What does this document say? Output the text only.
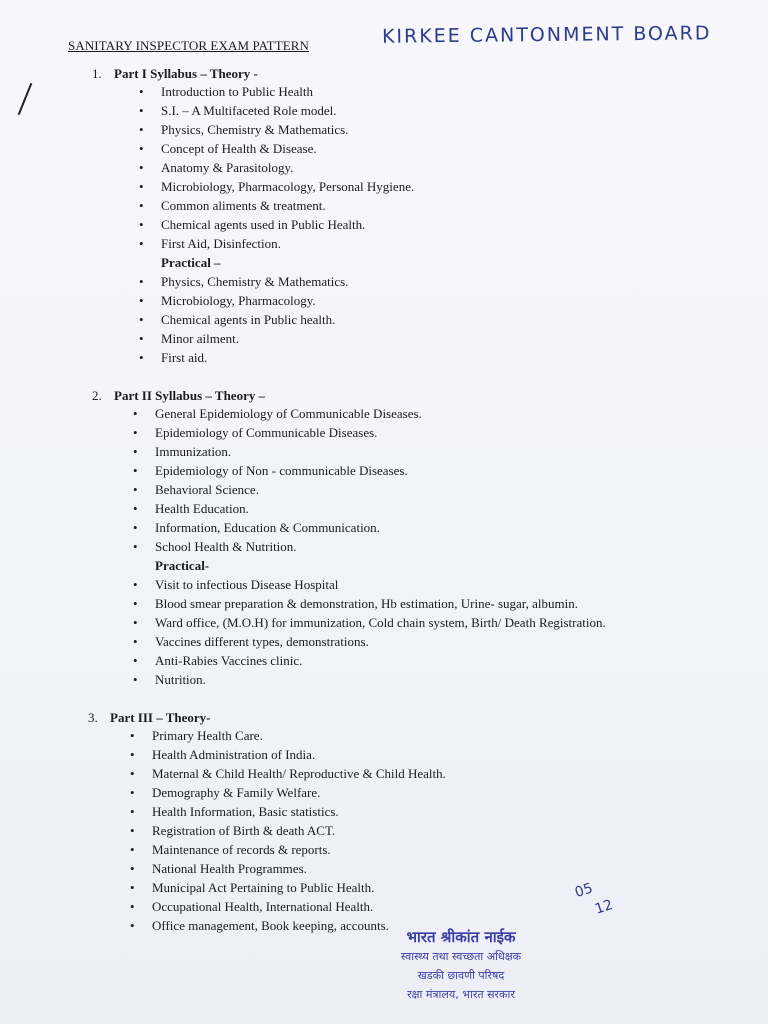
SANITARY INSPECTOR EXAM PATTERN	KIRKEE CANTONMENT BOARD
1. Part I Syllabus – Theory -
• Introduction to Public Health
• S.I. – A Multifaceted Role model.
• Physics, Chemistry & Mathematics.
• Concept of Health & Disease.
• Anatomy & Parasitology.
• Microbiology, Pharmacology, Personal Hygiene.
• Common aliments & treatment.
• Chemical agents used in Public Health.
• First Aid, Disinfection.
Practical –
• Physics, Chemistry & Mathematics.
• Microbiology, Pharmacology.
• Chemical agents in Public health.
• Minor ailment.
• First aid.
2. Part II Syllabus – Theory –
• General Epidemiology of Communicable Diseases.
• Epidemiology of Communicable Diseases.
• Immunization.
• Epidemiology of Non - communicable Diseases.
• Behavioral Science.
• Health Education.
• Information, Education & Communication.
• School Health & Nutrition.
Practical-
• Visit to infectious Disease Hospital
• Blood smear preparation & demonstration, Hb estimation, Urine- sugar, albumin.
• Ward office, (M.O.H) for immunization, Cold chain system, Birth/ Death Registration.
• Vaccines different types, demonstrations.
• Anti-Rabies Vaccines clinic.
• Nutrition.
3. Part III – Theory-
• Primary Health Care.
• Health Administration of India.
• Maternal & Child Health/ Reproductive & Child Health.
• Demography & Family Welfare.
• Health Information, Basic statistics.
• Registration of Birth & death ACT.
• Maintenance of records & reports.
• National Health Programmes.
• Municipal Act Pertaining to Public Health.
• Occupational Health, International Health.
• Office management, Book keeping, accounts.
05
12
भारत श्रीकांत नाईक
स्वास्थ्य तथा स्वच्छता अधिक्षक
खडकी छावणी परिषद
रक्षा मंत्रालय, भारत सरकार
